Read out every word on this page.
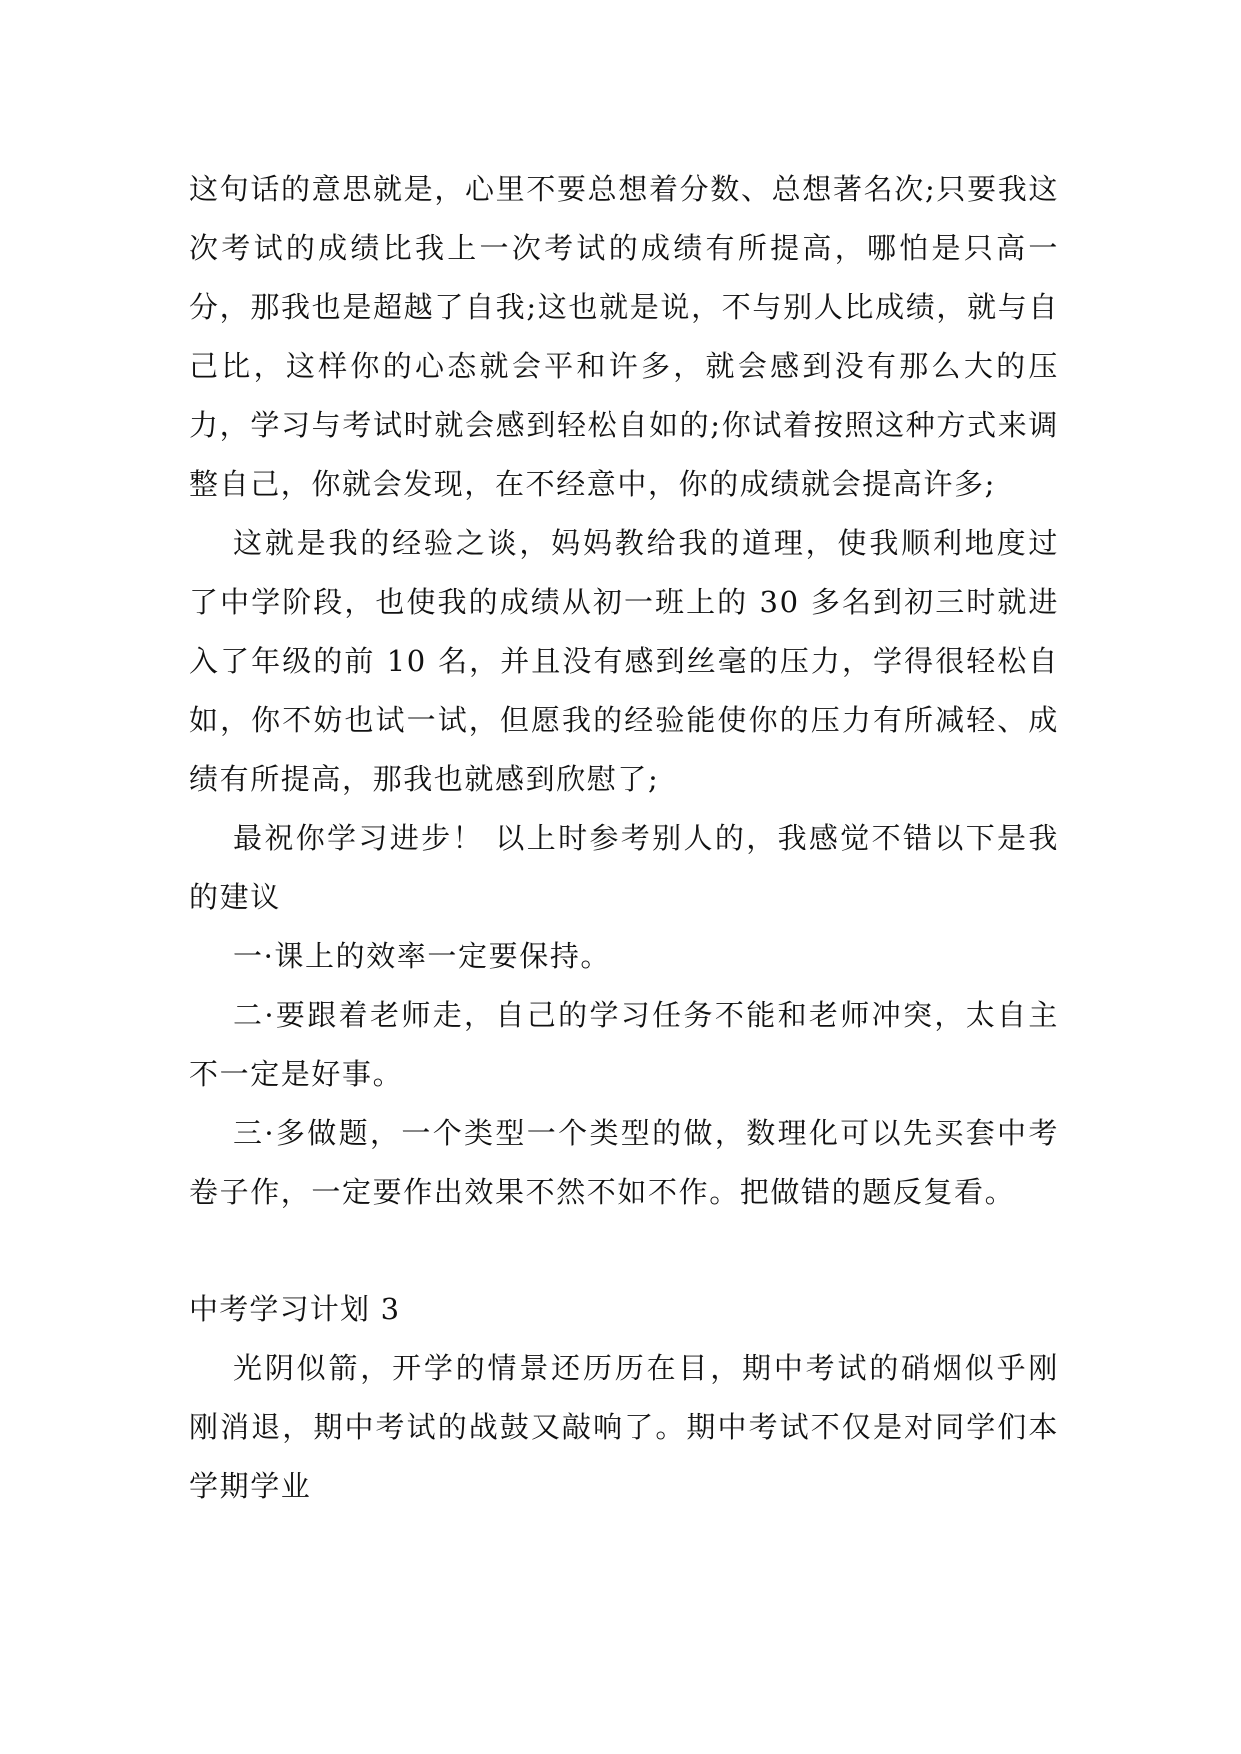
这句话的意思就是，心里不要总想着分数、总想著名次;只要我这次考试的成绩比我上一次考试的成绩有所提高，哪怕是只高一分，那我也是超越了自我;这也就是说，不与别人比成绩，就与自己比，这样你的心态就会平和许多，就会感到没有那么大的压力，学习与考试时就会感到轻松自如的;你试着按照这种方式来调整自己，你就会发现，在不经意中，你的成绩就会提高许多;

这就是我的经验之谈，妈妈教给我的道理，使我顺利地度过了中学阶段，也使我的成绩从初一班上的 30 多名到初三时就进入了年级的前 10 名，并且没有感到丝毫的压力，学得很轻松自如，你不妨也试一试，但愿我的经验能使你的压力有所减轻、成绩有所提高，那我也就感到欣慰了;

最祝你学习进步！ 以上时参考别人的，我感觉不错以下是我的建议

一·课上的效率一定要保持。

二·要跟着老师走，自己的学习任务不能和老师冲突，太自主不一定是好事。

三·多做题，一个类型一个类型的做，数理化可以先买套中考卷子作，一定要作出效果不然不如不作。把做错的题反复看。

中考学习计划 3

光阴似箭，开学的情景还历历在目，期中考试的硝烟似乎刚刚消退，期中考试的战鼓又敲响了。期中考试不仅是对同学们本学期学业
